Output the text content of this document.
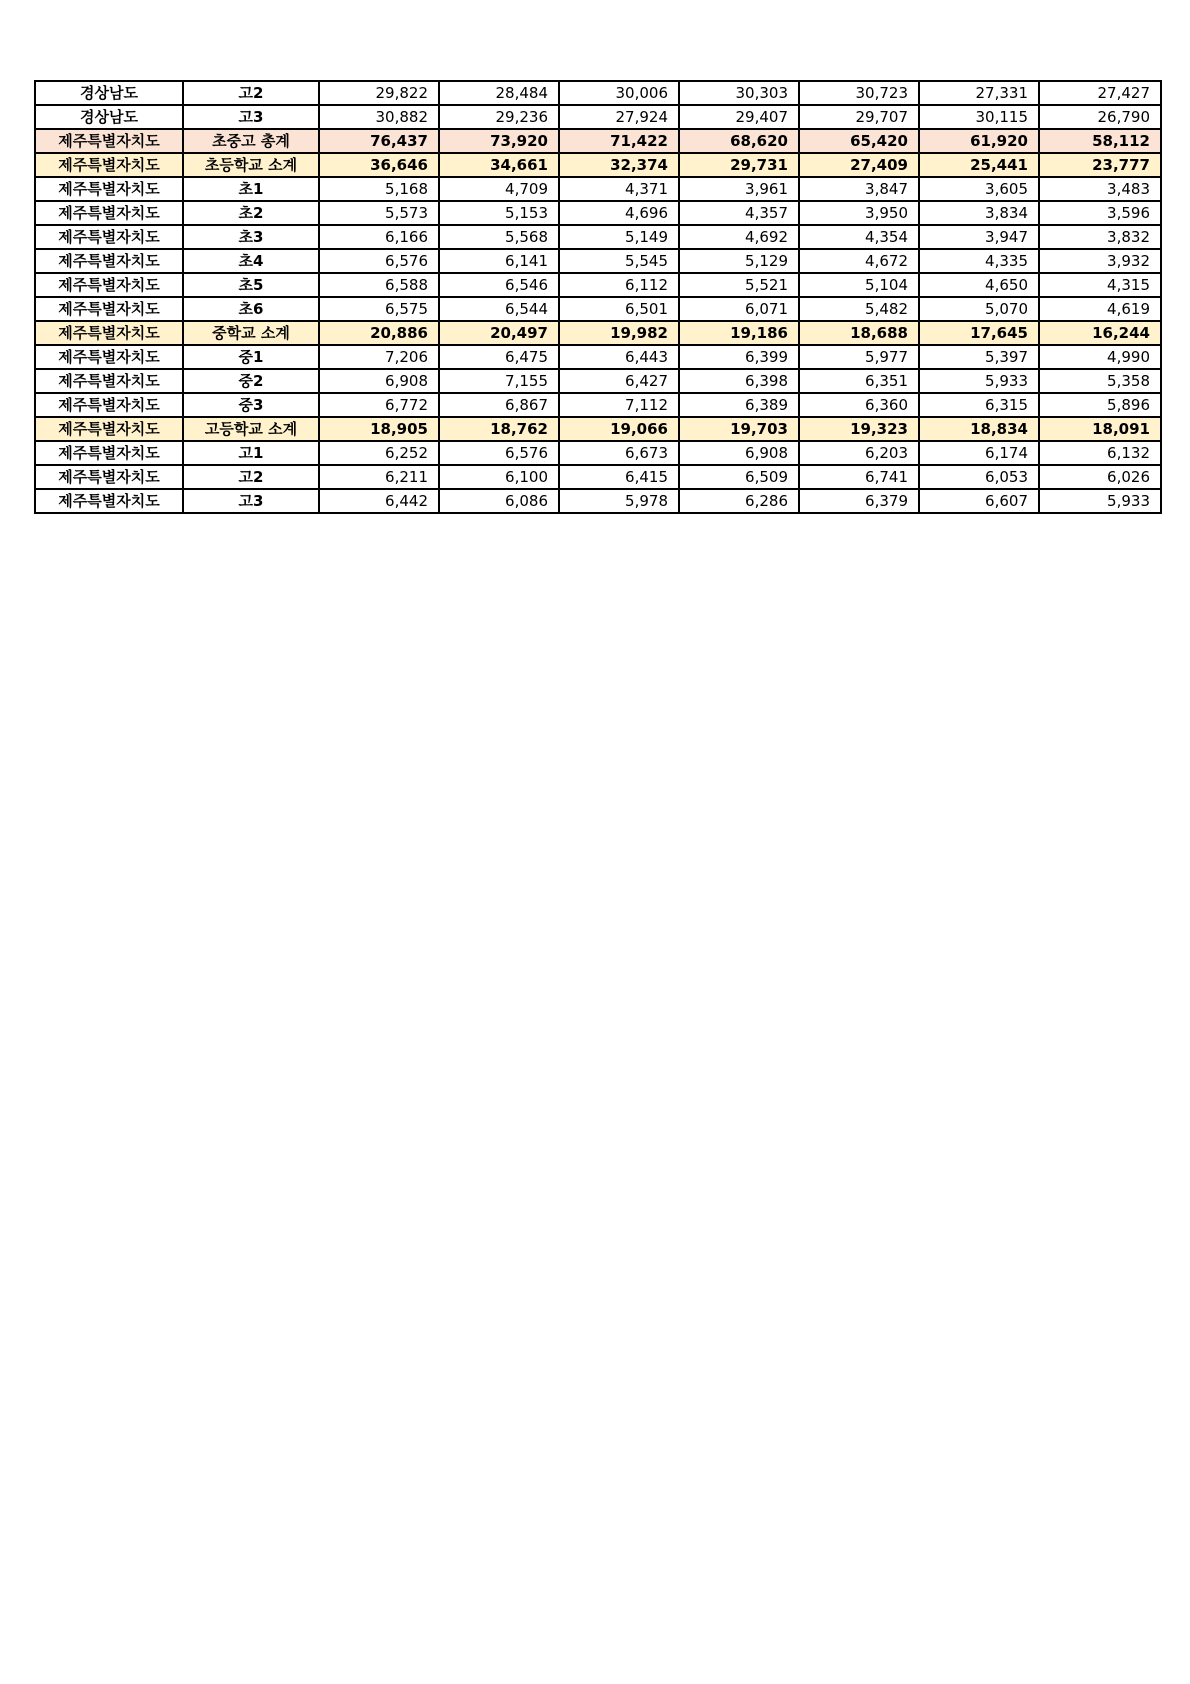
경상남도	고2	29,822	28,484	30,006	30,303	30,723	27,331	27,427
경상남도	고3	30,882	29,236	27,924	29,407	29,707	30,115	26,790
제주특별자치도	초중고 총계	76,437	73,920	71,422	68,620	65,420	61,920	58,112
제주특별자치도	초등학교 소계	36,646	34,661	32,374	29,731	27,409	25,441	23,777
제주특별자치도	초1	5,168	4,709	4,371	3,961	3,847	3,605	3,483
제주특별자치도	초2	5,573	5,153	4,696	4,357	3,950	3,834	3,596
제주특별자치도	초3	6,166	5,568	5,149	4,692	4,354	3,947	3,832
제주특별자치도	초4	6,576	6,141	5,545	5,129	4,672	4,335	3,932
제주특별자치도	초5	6,588	6,546	6,112	5,521	5,104	4,650	4,315
제주특별자치도	초6	6,575	6,544	6,501	6,071	5,482	5,070	4,619
제주특별자치도	중학교 소계	20,886	20,497	19,982	19,186	18,688	17,645	16,244
제주특별자치도	중1	7,206	6,475	6,443	6,399	5,977	5,397	4,990
제주특별자치도	중2	6,908	7,155	6,427	6,398	6,351	5,933	5,358
제주특별자치도	중3	6,772	6,867	7,112	6,389	6,360	6,315	5,896
제주특별자치도	고등학교 소계	18,905	18,762	19,066	19,703	19,323	18,834	18,091
제주특별자치도	고1	6,252	6,576	6,673	6,908	6,203	6,174	6,132
제주특별자치도	고2	6,211	6,100	6,415	6,509	6,741	6,053	6,026
제주특별자치도	고3	6,442	6,086	5,978	6,286	6,379	6,607	5,933
